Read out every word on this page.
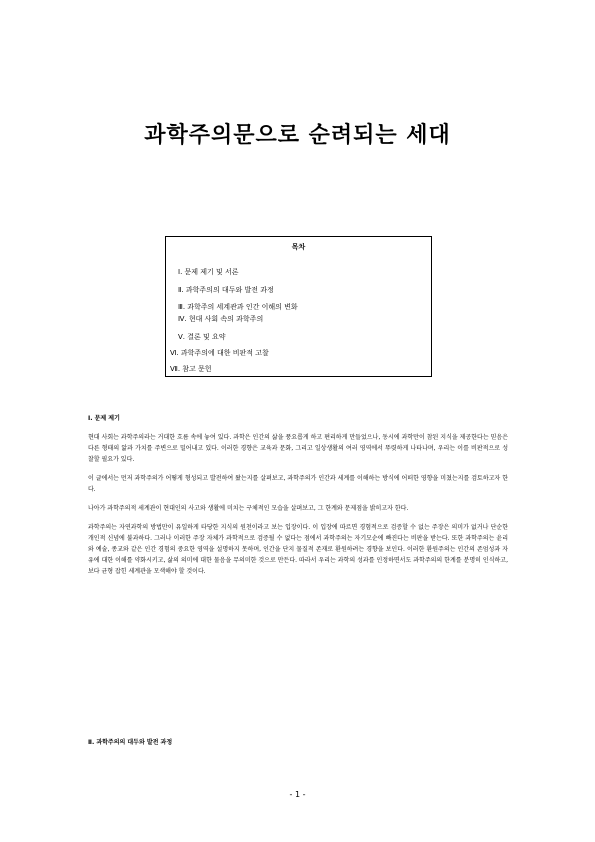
과학주의문으로 순려되는 세대
목차
Ⅰ. 문제 제기 및 서론
Ⅱ. 과학주의의 대두와 발전 과정
Ⅲ. 과학주의 세계관과 인간 이해의 변화
Ⅳ. 현대 사회 속의 과학주의
Ⅴ. 결론 및 요약
Ⅵ. 과학주의에 대한 비판적 고찰
Ⅶ. 참고 문헌

Ⅰ. 문제 제기

현대 사회는 과학주의라는 거대한 흐름 속에 놓여 있다. 과학은 인간의 삶을 풍요롭게 하고 편리하게 만들었으나, 동시에 과학만이 참된 지식을 제공한다는 믿음은 다른 형태의 앎과 가치를 주변으로 밀어내고 있다. 이러한 경향은 교육과 문화, 그리고 일상생활의 여러 영역에서 뚜렷하게 나타나며, 우리는 이를 비판적으로 성찰할 필요가 있다.

이 글에서는 먼저 과학주의가 어떻게 형성되고 발전하여 왔는지를 살펴보고, 과학주의가 인간과 세계를 이해하는 방식에 어떠한 영향을 미쳤는지를 검토하고자 한다.

나아가 과학주의적 세계관이 현대인의 사고와 생활에 미치는 구체적인 모습을 살펴보고, 그 한계와 문제점을 밝히고자 한다.

과학주의는 자연과학의 방법만이 유일하게 타당한 지식의 원천이라고 보는 입장이다. 이 입장에 따르면 경험적으로 검증할 수 없는 주장은 의미가 없거나 단순한 개인적 신념에 불과하다. 그러나 이러한 주장 자체가 과학적으로 검증될 수 없다는 점에서 과학주의는 자기모순에 빠진다는 비판을 받는다. 또한 과학주의는 윤리와 예술, 종교와 같은 인간 경험의 중요한 영역을 설명하지 못하며, 인간을 단지 물질적 존재로 환원하려는 경향을 보인다. 이러한 환원주의는 인간의 존엄성과 자유에 대한 이해를 약화시키고, 삶의 의미에 대한 물음을 무의미한 것으로 만든다. 따라서 우리는 과학의 성과를 인정하면서도 과학주의의 한계를 분명히 인식하고, 보다 균형 잡힌 세계관을 모색해야 할 것이다.

Ⅱ. 과학주의의 대두와 발전 과정
- 1 -
